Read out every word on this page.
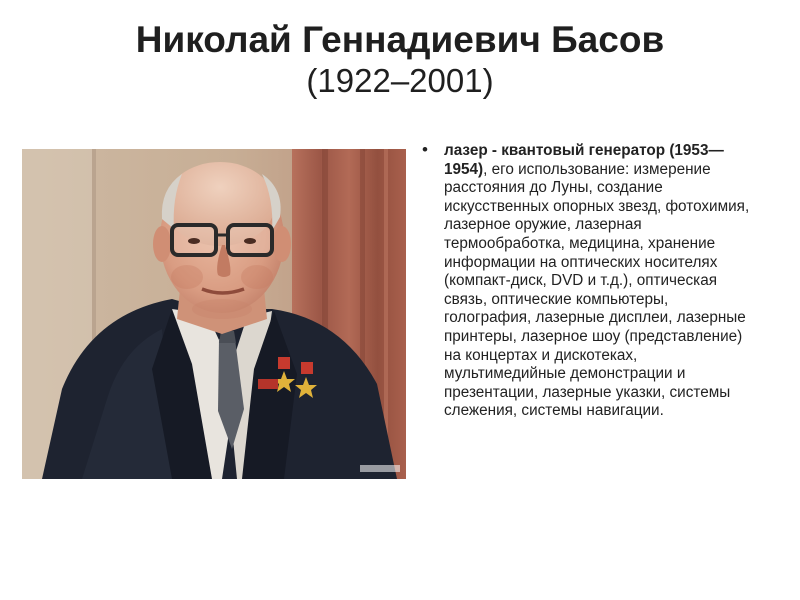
Николай Геннадиевич Басов
(1922–2001)
• лазер - квантовый генератор (1953—1954), его использование: измерение расстояния до Луны, создание искусственных опорных звезд, фотохимия, лазерное оружие, лазерная термообработка, медицина, хранение информации на оптических носителях (компакт-диск, DVD и т.д.), оптическая связь, оптические компьютеры, голография, лазерные дисплеи, лазерные принтеры, лазерное шоу (представление) на концертах и дискотеках, мультимедийные демонстрации и презентации, лазерные указки, системы слежения, системы навигации.
